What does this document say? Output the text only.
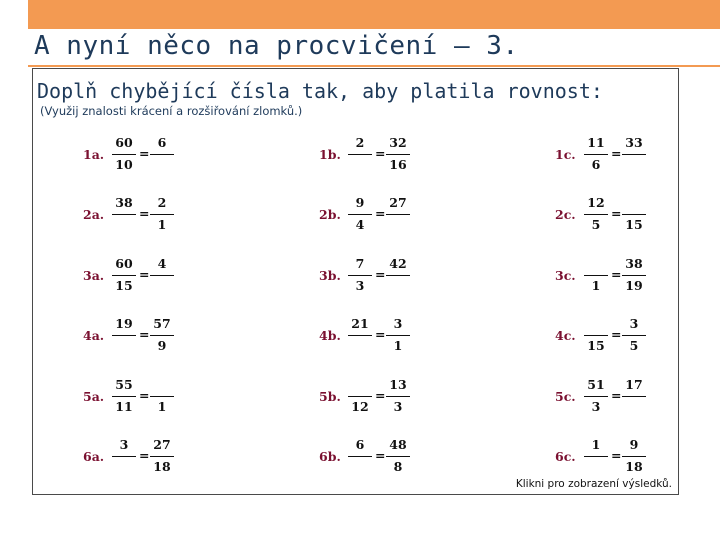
A nyní něco na procvičení – 3.
Doplň chybějící čísla tak, aby platila rovnost:

(Využij znalosti krácení a rozšiřování zlomků.)

1a.
60
10
=
6
1b.
2
=
32
16
1c.
11
6
=
33
2a.
38
=
2
1
2b.
9
4
=
27
2c.
12
5
=
15
3a.
60
15
=
4
3b.
7
3
=
42
3c.
1
=
38
19
4a.
19
=
57
9
4b.
21
=
3
1
4c.
15
=
3
5
5a.
55
11
=
1
5b.
12
=
13
3
5c.
51
3
=
17
6a.
3
=
27
18
6b.
6
=
48
8
6c.
1
=
9
18
Klikni pro zobrazení výsledků.
